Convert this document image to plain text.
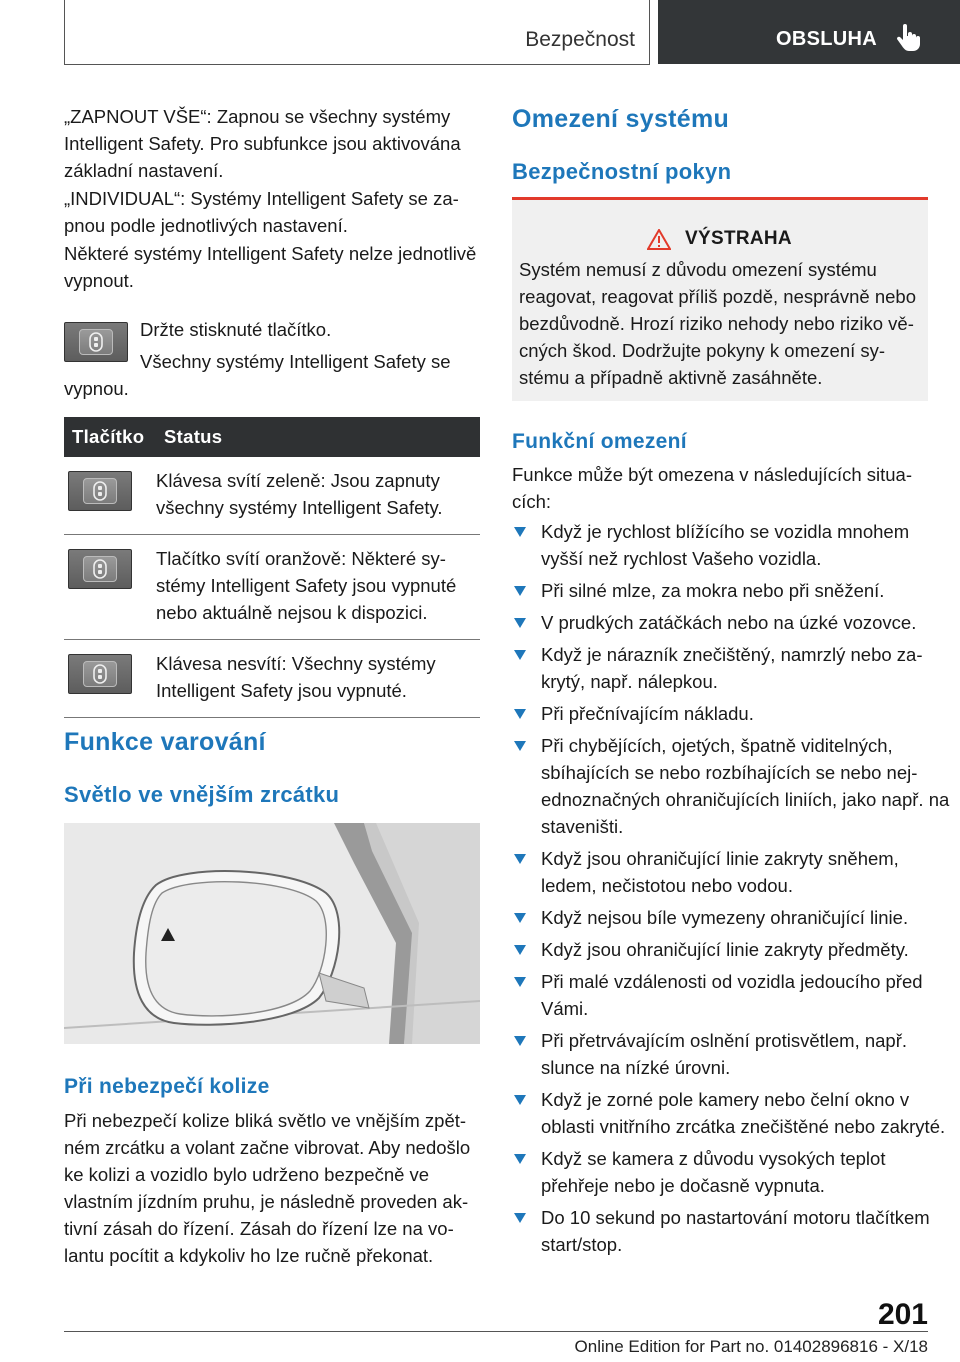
Bezpečnost	OBSLUHA

„ZAPNOUT VŠE“: Zapnou se všechny systémy Intelligent Safety. Pro subfunkce jsou aktivována základní nastavení.

„INDIVIDUAL“: Systémy Intelligent Safety se zapnou podle jednotlivých nastavení.

Některé systémy Intelligent Safety nelze jednotlivě vypnout.

Držte stisknuté tlačítko.

Všechny systémy Intelligent Safety se

vypnou.

Tlačítko	Status

	Klávesa svítí zeleně: Jsou zapnuty všechny systémy Intelligent Safety.

	Tlačítko svítí oranžově: Některé systémy Intelligent Safety jsou vypnuté nebo aktuálně nejsou k dispozici.

	Klávesa nesvítí: Všechny systémy Intelligent Safety jsou vypnuté.
Funkce varování
Světlo ve vnějším zrcátku
Při nebezpečí kolize

Při nebezpečí kolize bliká světlo ve vnějším zpětném zrcátku a volant začne vibrovat. Aby nedošlo ke kolizi a vozidlo bylo udrženo bezpečně ve vlastním jízdním pruhu, je následně proveden aktivní zásah do řízení. Zásah do řízení lze na volantu pocítit a kdykoliv ho lze ručně překonat.

Omezení systému
Bezpečnostní pokyn
VÝSTRAHA

Systém nemusí z důvodu omezení systému reagovat, reagovat příliš pozdě, nesprávně nebo bezdůvodně. Hrozí riziko nehody nebo riziko věcných škod. Dodržujte pokyny k omezení systému a případně aktivně zasáhněte.

Funkční omezení

Funkce může být omezena v následujících situacích:

Když je rychlost blížícího se vozidla mnohem vyšší než rychlost Vašeho vozidla.
Při silné mlze, za mokra nebo při sněžení.
V prudkých zatáčkách nebo na úzké vozovce.
Když je nárazník znečištěný, namrzlý nebo zakrytý, např. nálepkou.
Při přečnívajícím nákladu.
Při chybějících, ojetých, špatně viditelných, sbíhajících se nebo rozbíhajících se nebo nejednoznačných ohraničujících liniích, jako např. na staveništi.
Když jsou ohraničující linie zakryty sněhem, ledem, nečistotou nebo vodou.
Když nejsou bíle vymezeny ohraničující linie.
Když jsou ohraničující linie zakryty předměty.
Při malé vzdálenosti od vozidla jedoucího před Vámi.
Při přetrvávajícím oslnění protisvětlem, např. slunce na nízké úrovni.
Když je zorné pole kamery nebo čelní okno v oblasti vnitřního zrcátka znečištěné nebo zakryté.
Když se kamera z důvodu vysokých teplot přehřeje nebo je dočasně vypnuta.
Do 10 sekund po nastartování motoru tlačítkem start/stop.
201
Online Edition for Part no. 01402896816 - X/18
